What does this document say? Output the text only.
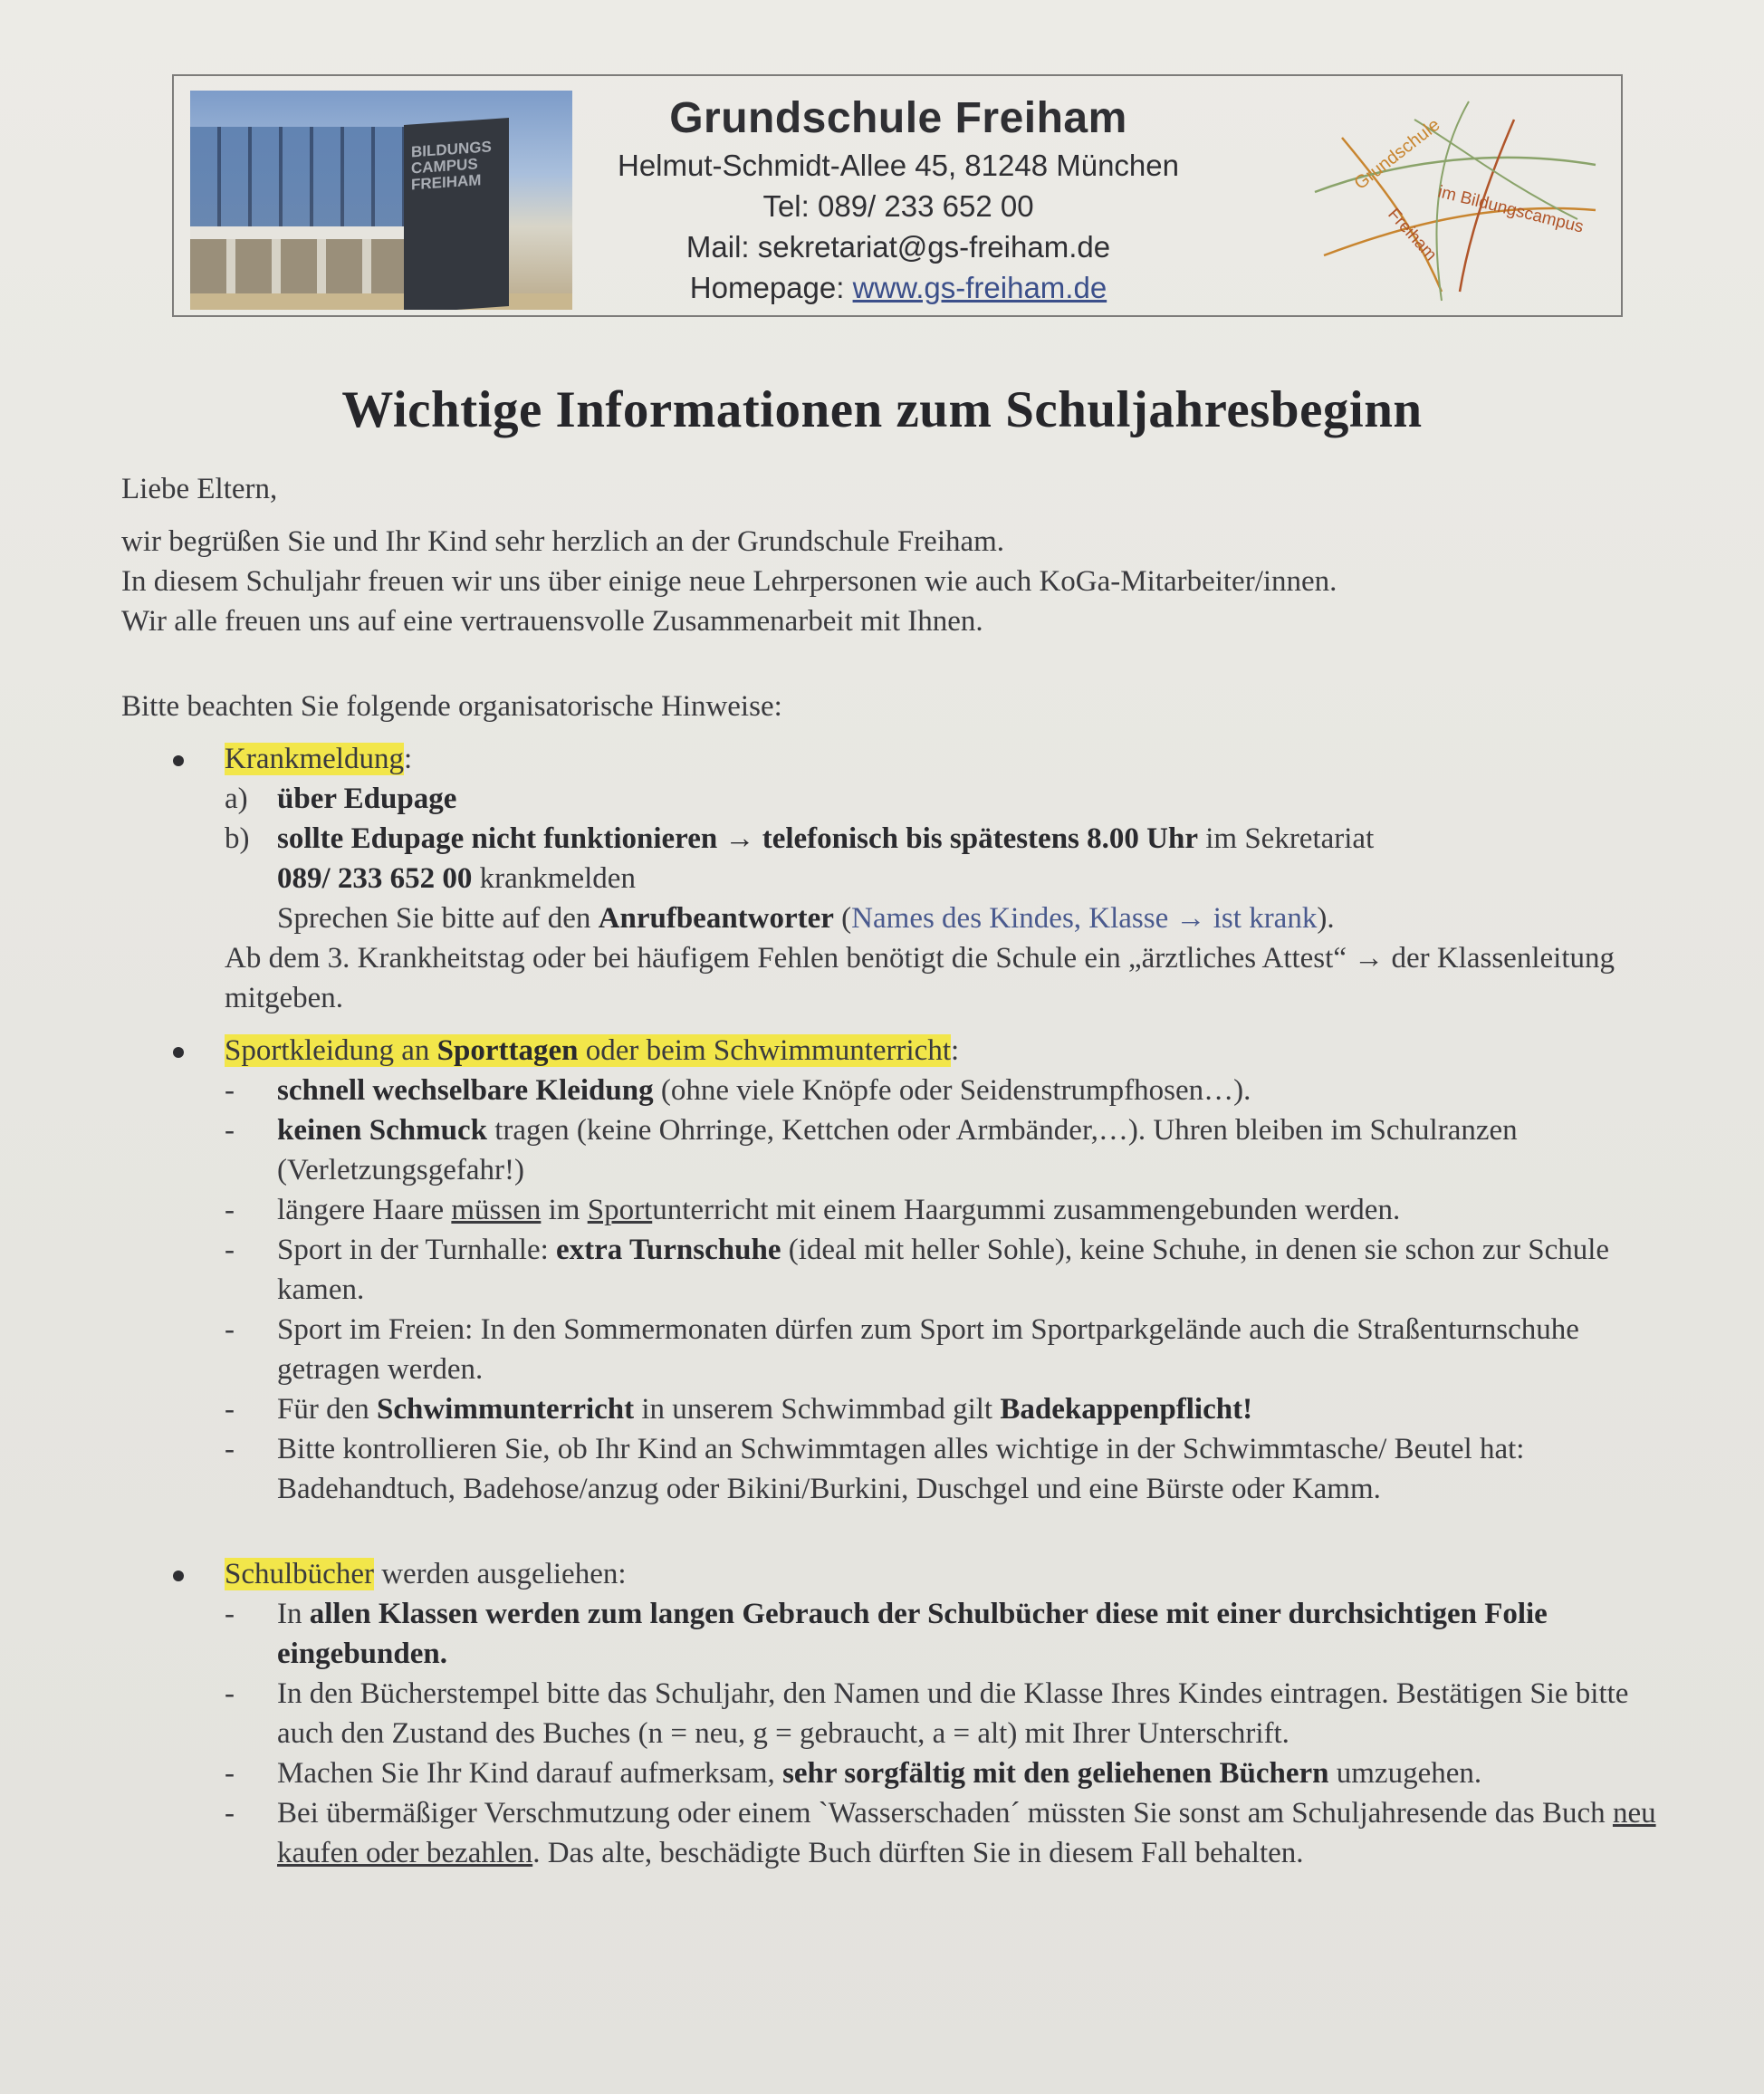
BILDUNGS
CAMPUS
FREIHAM
Grundschule Freiham
Helmut-Schmidt-Allee 45, 81248 München
Tel: 089/ 233 652 00
Mail: sekretariat@gs-freiham.de
Homepage: www.gs-freiham.de
Grundschule
im Bildungscampus
Freiham
Wichtige Informationen zum Schuljahresbeginn

Liebe Eltern,

wir begrüßen Sie und Ihr Kind sehr herzlich an der Grundschule Freiham.

In diesem Schuljahr freuen wir uns über einige neue Lehrpersonen wie auch KoGa-Mitarbeiter/innen.

Wir alle freuen uns auf eine vertrauensvolle Zusammenarbeit mit Ihnen.

Bitte beachten Sie folgende organisatorische Hinweise:

Krankmeldung:
a) über Edupage
b) sollte Edupage nicht funktionieren → telefonisch bis spätestens 8.00 Uhr im Sekretariat
089/ 233 652 00 krankmelden
Sprechen Sie bitte auf den Anrufbeantworter (Names des Kindes, Klasse → ist krank).
Ab dem 3. Krankheitstag oder bei häufigem Fehlen benötigt die Schule ein „ärztliches Attest“ → der Klassenleitung mitgeben.
Sportkleidung an Sporttagen oder beim Schwimmunterricht:
- schnell wechselbare Kleidung (ohne viele Knöpfe oder Seidenstrumpfhosen…).
- keinen Schmuck tragen (keine Ohrringe, Kettchen oder Armbänder,…). Uhren bleiben im Schulranzen (Verletzungsgefahr!)
- längere Haare müssen im Sportunterricht mit einem Haargummi zusammengebunden werden.
- Sport in der Turnhalle: extra Turnschuhe (ideal mit heller Sohle), keine Schuhe, in denen sie schon zur Schule kamen.
- Sport im Freien: In den Sommermonaten dürfen zum Sport im Sportparkgelände auch die Straßenturnschuhe getragen werden.
- Für den Schwimmunterricht in unserem Schwimmbad gilt Badekappenpflicht!
- Bitte kontrollieren Sie, ob Ihr Kind an Schwimmtagen alles wichtige in der Schwimmtasche/ Beutel hat: Badehandtuch, Badehose/anzug oder Bikini/Burkini, Duschgel und eine Bürste oder Kamm.
Schulbücher werden ausgeliehen:
- In allen Klassen werden zum langen Gebrauch der Schulbücher diese mit einer durchsichtigen Folie eingebunden.
- In den Bücherstempel bitte das Schuljahr, den Namen und die Klasse Ihres Kindes eintragen. Bestätigen Sie bitte auch den Zustand des Buches (n = neu, g = gebraucht, a = alt) mit Ihrer Unterschrift.
- Machen Sie Ihr Kind darauf aufmerksam, sehr sorgfältig mit den geliehenen Büchern umzugehen.
- Bei übermäßiger Verschmutzung oder einem `Wasserschaden´ müssten Sie sonst am Schuljahresende das Buch neu kaufen oder bezahlen. Das alte, beschädigte Buch dürften Sie in diesem Fall behalten.
